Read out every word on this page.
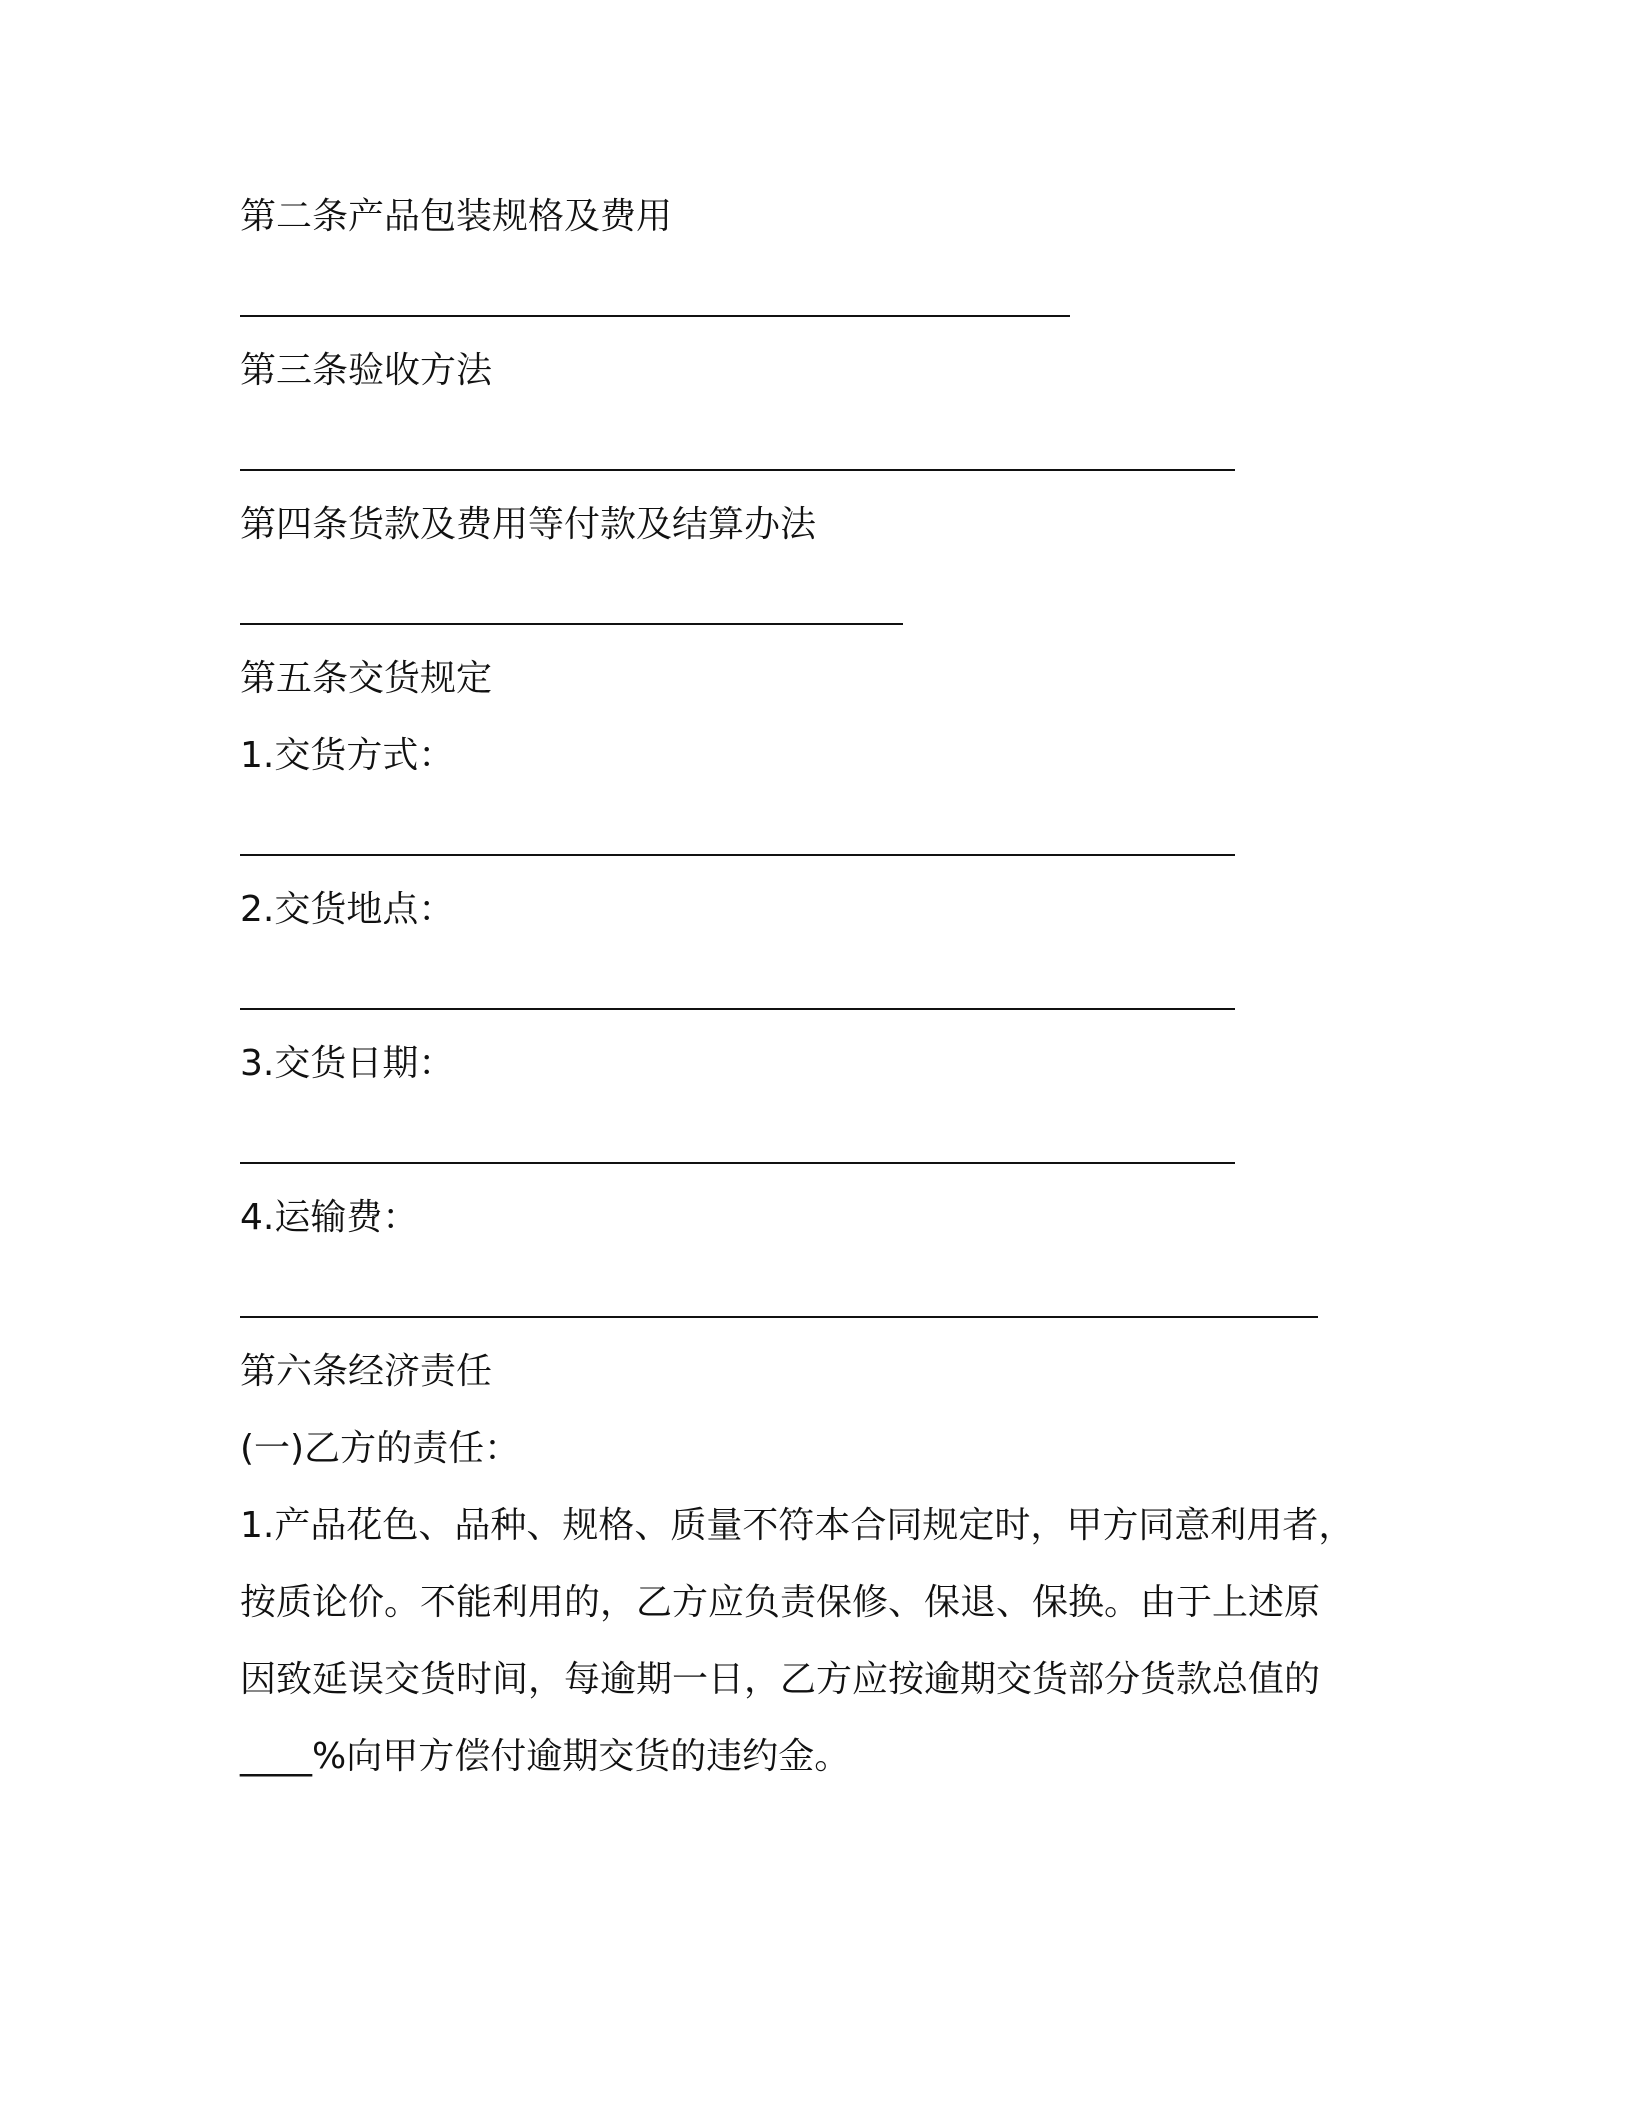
第二条产品包装规格及费用
第三条验收方法
第四条货款及费用等付款及结算办法
第五条交货规定
1.交货方式：
2.交货地点：
3.交货日期：
4.运输费：
第六条经济责任
(一)乙方的责任：
1.产品花色、品种、规格、质量不符本合同规定时，甲方同意利用者，
按质论价。不能利用的，乙方应负责保修、保退、保换。由于上述原
因致延误交货时间，每逾期一日，乙方应按逾期交货部分货款总值的
____%向甲方偿付逾期交货的违约金。
